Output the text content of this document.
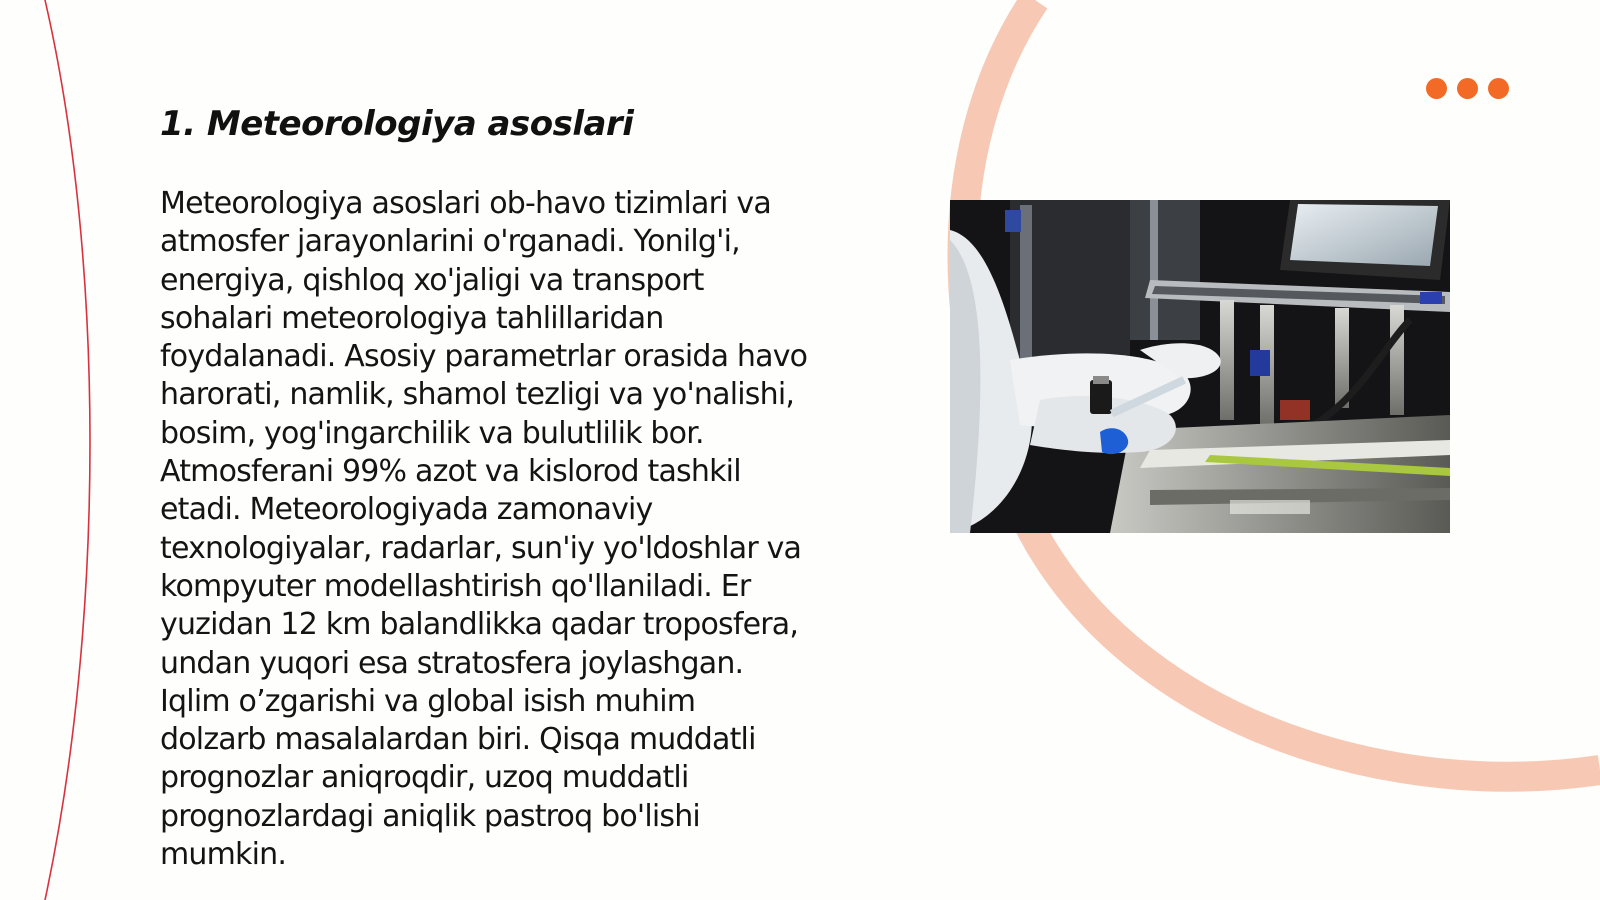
1. Meteorologiya asoslari
Meteorologiya asoslari ob-havo tizimlari va
atmosfer jarayonlarini o'rganadi. Yonilg'i,
energiya, qishloq xo'jaligi va transport
sohalari meteorologiya tahlillaridan
foydalanadi. Asosiy parametrlar orasida havo
harorati, namlik, shamol tezligi va yo'nalishi,
bosim, yog'ingarchilik va bulutlilik bor.
Atmosferani 99% azot va kislorod tashkil
etadi. Meteorologiyada zamonaviy
texnologiyalar, radarlar, sun'iy yo'ldoshlar va
kompyuter modellashtirish qo'llaniladi. Er
yuzidan 12 km balandlikka qadar troposfera,
undan yuqori esa stratosfera joylashgan.
Iqlim o’zgarishi va global isish muhim
dolzarb masalalardan biri. Qisqa muddatli
prognozlar aniqroqdir, uzoq muddatli
prognozlardagi aniqlik pastroq bo'lishi
mumkin.
